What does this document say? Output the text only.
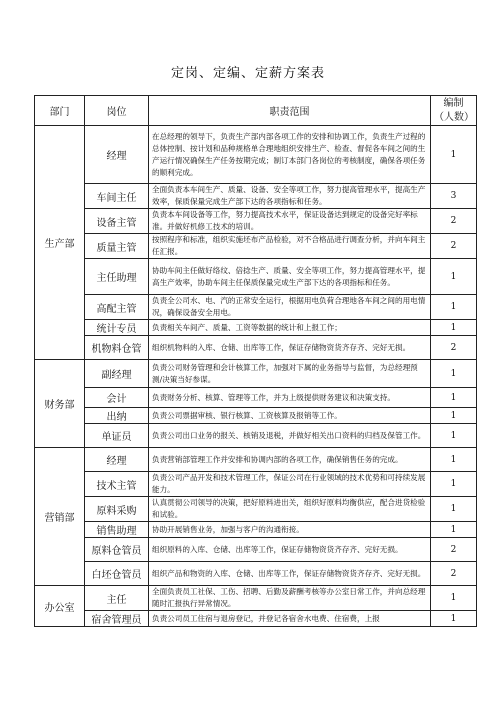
定岗、定编、定薪方案表
部门	岗位	职责范围	编制（人数）
生产部	经理	在总经理的领导下，负责生产部内部各项工作的安排和协调工作，负责生产过程的总体控制、按计划和品种规格单合理地组织安排生产、检查、督促各车间之间的生产运行情况确保生产任务按期完成；制订本部门各岗位的考核制度，确保各项任务的顺利完成。	1
	车间主任	全面负责本车间生产、质量、设备、安全等项工作，努力提高管理水平，提高生产效率，保质保量完成生产部下达的各项指标和任务。	3
	设备主管	负责本车间设备等工作，努力提高技术水平，保证设备达到规定的设备完好率标准。并做好机修工技术的培训。	2
	质量主管	按照程序和标准，组织实施坯布产品检验，对不合格品进行调查分析，并向车间主任汇报。	2
	主任助理	协助车间主任做好络纹、倍捻生产、质量、安全等项工作，努力提高管理水平，提高生产效率，协助车间主任保质保量完成生产部下达的各项指标和任务。	1
	高配主管	负责全公司水、电、汽的正常安全运行，根据用电负荷合理地各车间之间的用电情况，确保设备安全用电。	1
	统计专员	负责相关车间产、质量、工资等数据的统计和上报工作；	1
	机物料仓管	组织机物料的入库、仓储、出库等工作，保证存储物资货齐存齐、完好无损。	2
财务部	副经理	负责公司财务管理和会计核算工作，加强对下属的业务指导与监督，为总经理预测/决策当好参谋。	1
	会计	负责财务分析、核算、管理等工作，并为上级提供财务建议和决策支持。	1
	出纳	负责公司票据审核、银行核算、工资核算及报销等工作。	1
	单证员	负责公司出口业务的报关、核销及退税，并做好相关出口资料的归档及保管工作。	1
营销部	经理	负责营销部管理工作并安排和协调内部的各项工作，确保销售任务的完成。	1
	技术主管	负责公司产品开发和技术管理工作，保证公司在行业领域的技术优势和可持续发展能力。	1
	原料采购	认真贯彻公司领导的决策，把好原料进出关，组织好原料均衡供应，配合进货检验和试验。	1
	销售助理	协助开展销售业务，加强与客户的沟通衔接。	1
	原料仓管员	组织原料的入库、仓储、出库等工作，保证存储物资货齐存齐、完好无损。	2
	白坯仓管员	组织产品和物资的入库、仓储、出库等工作，保证存储物资货齐存齐、完好无损。	2
办公室	主任	全面负责员工社保、工伤、招聘、后勤及薪酬考核等办公室日常工作，并向总经理随时汇报执行异常情况。	1
	宿舍管理员	负责公司员工住宿与退房登记，并登记各宿舍水电费、住宿费，上报	1
